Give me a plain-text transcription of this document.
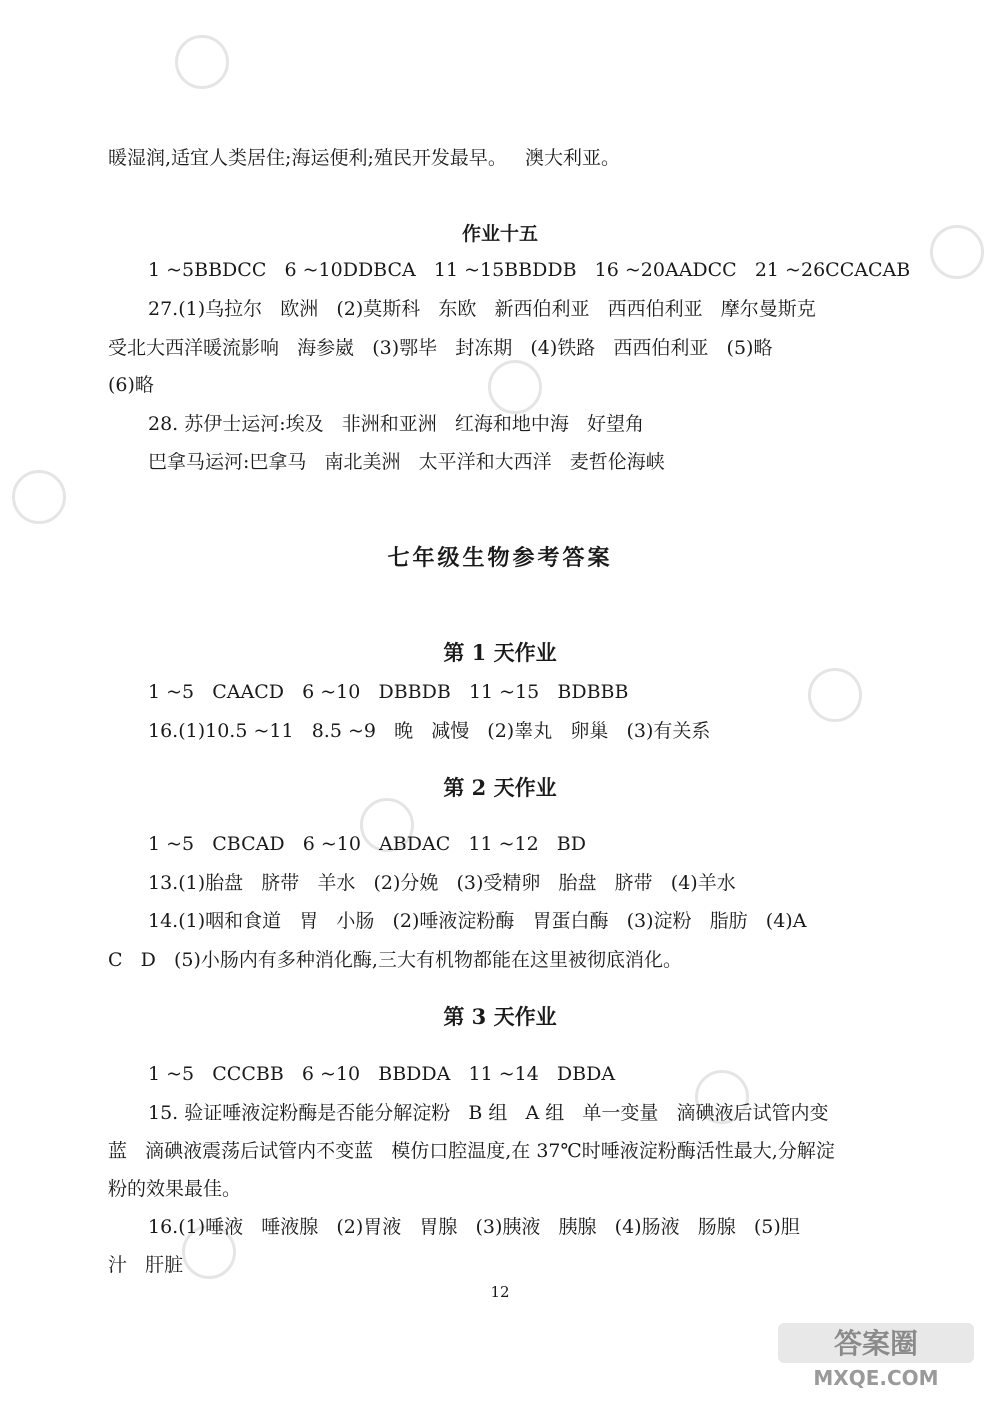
暖湿润,适宜人类居住;海运便利;殖民开发最早。   澳大利亚。
作业十五
1 ~5BBDCC   6 ~10DDBCA   11 ~15BBDDB   16 ~20AADCC   21 ~26CCACAB
27.(1)乌拉尔   欧洲   (2)莫斯科   东欧   新西伯利亚   西西伯利亚   摩尔曼斯克
受北大西洋暖流影响   海参崴   (3)鄂毕   封冻期   (4)铁路   西西伯利亚   (5)略
(6)略
28. 苏伊士运河:埃及   非洲和亚洲   红海和地中海   好望角
巴拿马运河:巴拿马   南北美洲   太平洋和大西洋   麦哲伦海峡
七年级生物参考答案
第 1 天作业
1 ~5   CAACD   6 ~10   DBBDB   11 ~15   BDBBB
16.(1)10.5 ~11   8.5 ~9   晚   减慢   (2)睾丸   卵巢   (3)有关系
第 2 天作业
1 ~5   CBCAD   6 ~10   ABDAC   11 ~12   BD
13.(1)胎盘   脐带   羊水   (2)分娩   (3)受精卵   胎盘   脐带   (4)羊水
14.(1)咽和食道   胃   小肠   (2)唾液淀粉酶   胃蛋白酶   (3)淀粉   脂肪   (4)A
C   D   (5)小肠内有多种消化酶,三大有机物都能在这里被彻底消化。
第 3 天作业
1 ~5   CCCBB   6 ~10   BBDDA   11 ~14   DBDA
15. 验证唾液淀粉酶是否能分解淀粉   B 组   A 组   单一变量   滴碘液后试管内变
蓝   滴碘液震荡后试管内不变蓝   模仿口腔温度,在 37℃时唾液淀粉酶活性最大,分解淀
粉的效果最佳。
16.(1)唾液   唾液腺   (2)胃液   胃腺   (3)胰液   胰腺   (4)肠液   肠腺   (5)胆
汁   肝脏
12
答案圈
MXQE.COM
